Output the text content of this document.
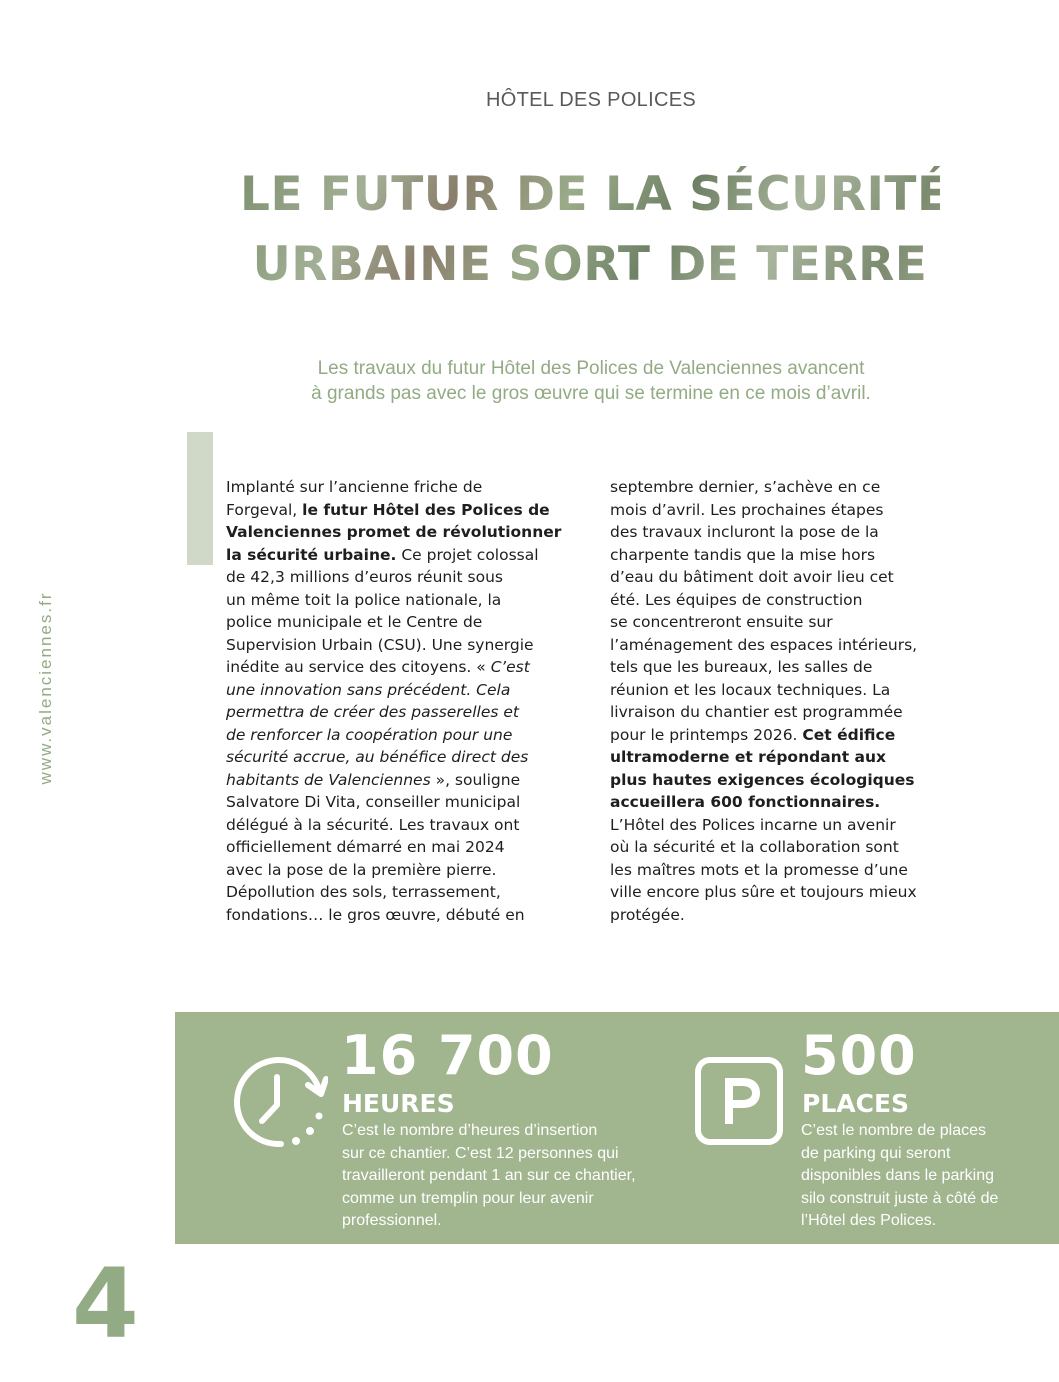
HÔTEL DES POLICES
LE FUTUR DE LA SÉCURITÉ
URBAINE SORT DE TERRE

Les travaux du futur Hôtel des Polices de Valenciennes avancent
à grands pas avec le gros œuvre qui se termine en ce mois d’avril.

www.valenciennes.fr
Implanté sur l’ancienne friche de
Forgeval, le futur Hôtel des Polices de
Valenciennes promet de révolutionner
la sécurité urbaine. Ce projet colossal
de 42,3 millions d’euros réunit sous
un même toit la police nationale, la
police municipale et le Centre de
Supervision Urbain (CSU). Une synergie
inédite au service des citoyens. « C’est
une innovation sans précédent. Cela
permettra de créer des passerelles et
de renforcer la coopération pour une
sécurité accrue, au bénéfice direct des
habitants de Valenciennes », souligne
Salvatore Di Vita, conseiller municipal
délégué à la sécurité. Les travaux ont
officiellement démarré en mai 2024
avec la pose de la première pierre.
Dépollution des sols, terrassement,
fondations… le gros œuvre, débuté en
septembre dernier, s’achève en ce
mois d’avril. Les prochaines étapes
des travaux incluront la pose de la
charpente tandis que la mise hors
d’eau du bâtiment doit avoir lieu cet
été. Les équipes de construction
se concentreront ensuite sur
l’aménagement des espaces intérieurs,
tels que les bureaux, les salles de
réunion et les locaux techniques. La
livraison du chantier est programmée
pour le printemps 2026. Cet édifice
ultramoderne et répondant aux
plus hautes exigences écologiques
accueillera 600 fonctionnaires.
L’Hôtel des Polices incarne un avenir
où la sécurité et la collaboration sont
les maîtres mots et la promesse d’une
ville encore plus sûre et toujours mieux
protégée.
16 700
HEURES
C’est le nombre d’heures d’insertion
sur ce chantier. C’est 12 personnes qui
travailleront pendant 1 an sur ce chantier,
comme un tremplin pour leur avenir
professionnel.
500
PLACES
C’est le nombre de places
de parking qui seront
disponibles dans le parking
silo construit juste à côté de
l’Hôtel des Polices.
4
